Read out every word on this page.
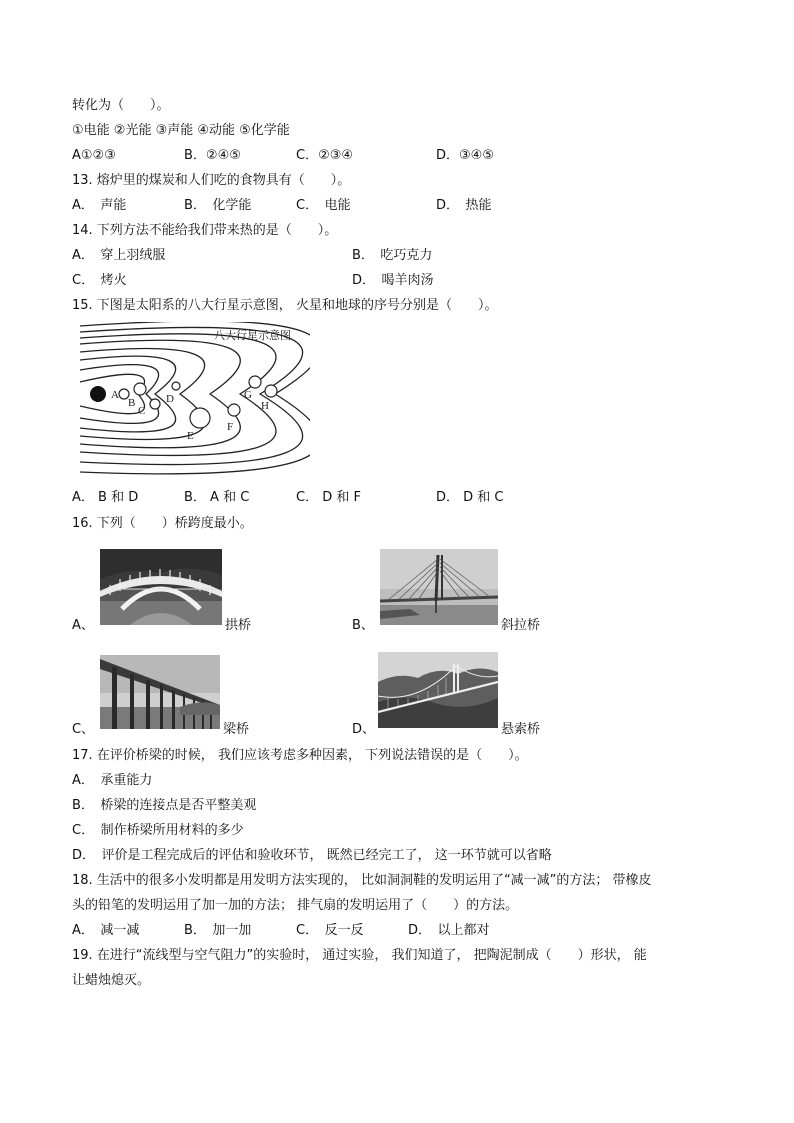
转化为（　　）。
①电能 ②光能 ③声能 ④动能 ⑤化学能
A①②③	B．②④⑤	C．②③④	D．③④⑤
13. 熔炉里的煤炭和人们吃的食物具有（　　）。
A．　声能	B．　化学能	C．　电能	D．　热能
14. 下列方法不能给我们带来热的是（　　）。
A．　穿上羽绒服	B．　吃巧克力
C．　烤火	D．　喝羊肉汤
15. 下图是太阳系的八大行星示意图， 火星和地球的序号分别是（　　）。
八大行星示意图
A
B
C
D
E
F
G
H
A． B 和 D	B． A 和 C	C． D 和 F	D． D 和 C
16. 下列（　　）桥跨度最小。
A、	拱桥	B、	斜拉桥
C、	梁桥	D、	悬索桥
17. 在评价桥梁的时候， 我们应该考虑多种因素， 下列说法错误的是（　　）。
A．　承重能力
B．　桥梁的连接点是否平整美观
C．　制作桥梁所用材料的多少
D．　评价是工程完成后的评估和验收环节， 既然已经完工了， 这一环节就可以省略
18. 生活中的很多小发明都是用发明方法实现的， 比如洞洞鞋的发明运用了“减一减”的方法； 带橡皮
头的铅笔的发明运用了加一加的方法； 排气扇的发明运用了（　　）的方法。
A．　减一减	B．　加一加	C．　反一反	D．　以上都对
19. 在进行“流线型与空气阻力”的实验时， 通过实验， 我们知道了， 把陶泥制成（　　）形状， 能
让蜡烛熄灭。
